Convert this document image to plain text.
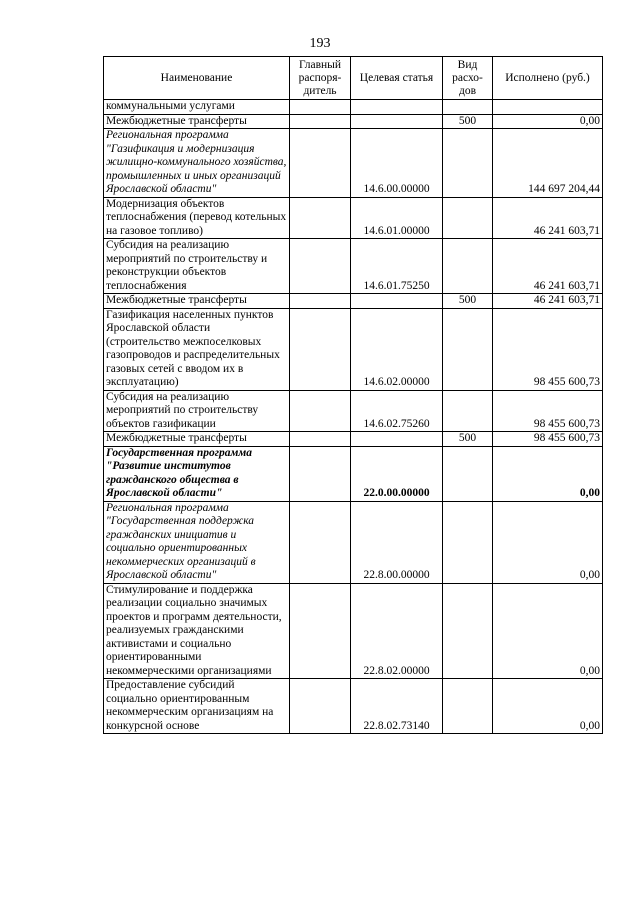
193
Наименование	Главный распоря-дитель	Целевая статья	Вид расхо-дов	Исполнено (руб.)
коммунальными услугами				
Межбюджетные трансферты			500	0,00
Региональная программа "Газификация и модернизация жилищно-коммунального хозяйства, промышленных и иных организаций Ярославской области"		14.6.00.00000		144 697 204,44
Модернизация объектов теплоснабжения (перевод котельных на газовое топливо)		14.6.01.00000		46 241 603,71
Субсидия на реализацию мероприятий по строительству и реконструкции объектов теплоснабжения		14.6.01.75250		46 241 603,71
Межбюджетные трансферты			500	46 241 603,71
Газификация населенных пунктов Ярославской области (строительство межпоселковых газопроводов и распределительных газовых сетей с вводом их в эксплуатацию)		14.6.02.00000		98 455 600,73
Субсидия на реализацию мероприятий по строительству объектов газификации		14.6.02.75260		98 455 600,73
Межбюджетные трансферты			500	98 455 600,73
Государственная программа "Развитие институтов гражданского общества в Ярославской области"		22.0.00.00000		0,00
Региональная программа "Государственная поддержка гражданских инициатив и социально ориентированных некоммерческих организаций в Ярославской области"		22.8.00.00000		0,00
Стимулирование и поддержка реализации социально значимых проектов и программ деятельности, реализуемых гражданскими активистами и социально ориентированными некоммерческими организациями		22.8.02.00000		0,00
Предоставление субсидий социально ориентированным некоммерческим организациям на конкурсной основе		22.8.02.73140		0,00
